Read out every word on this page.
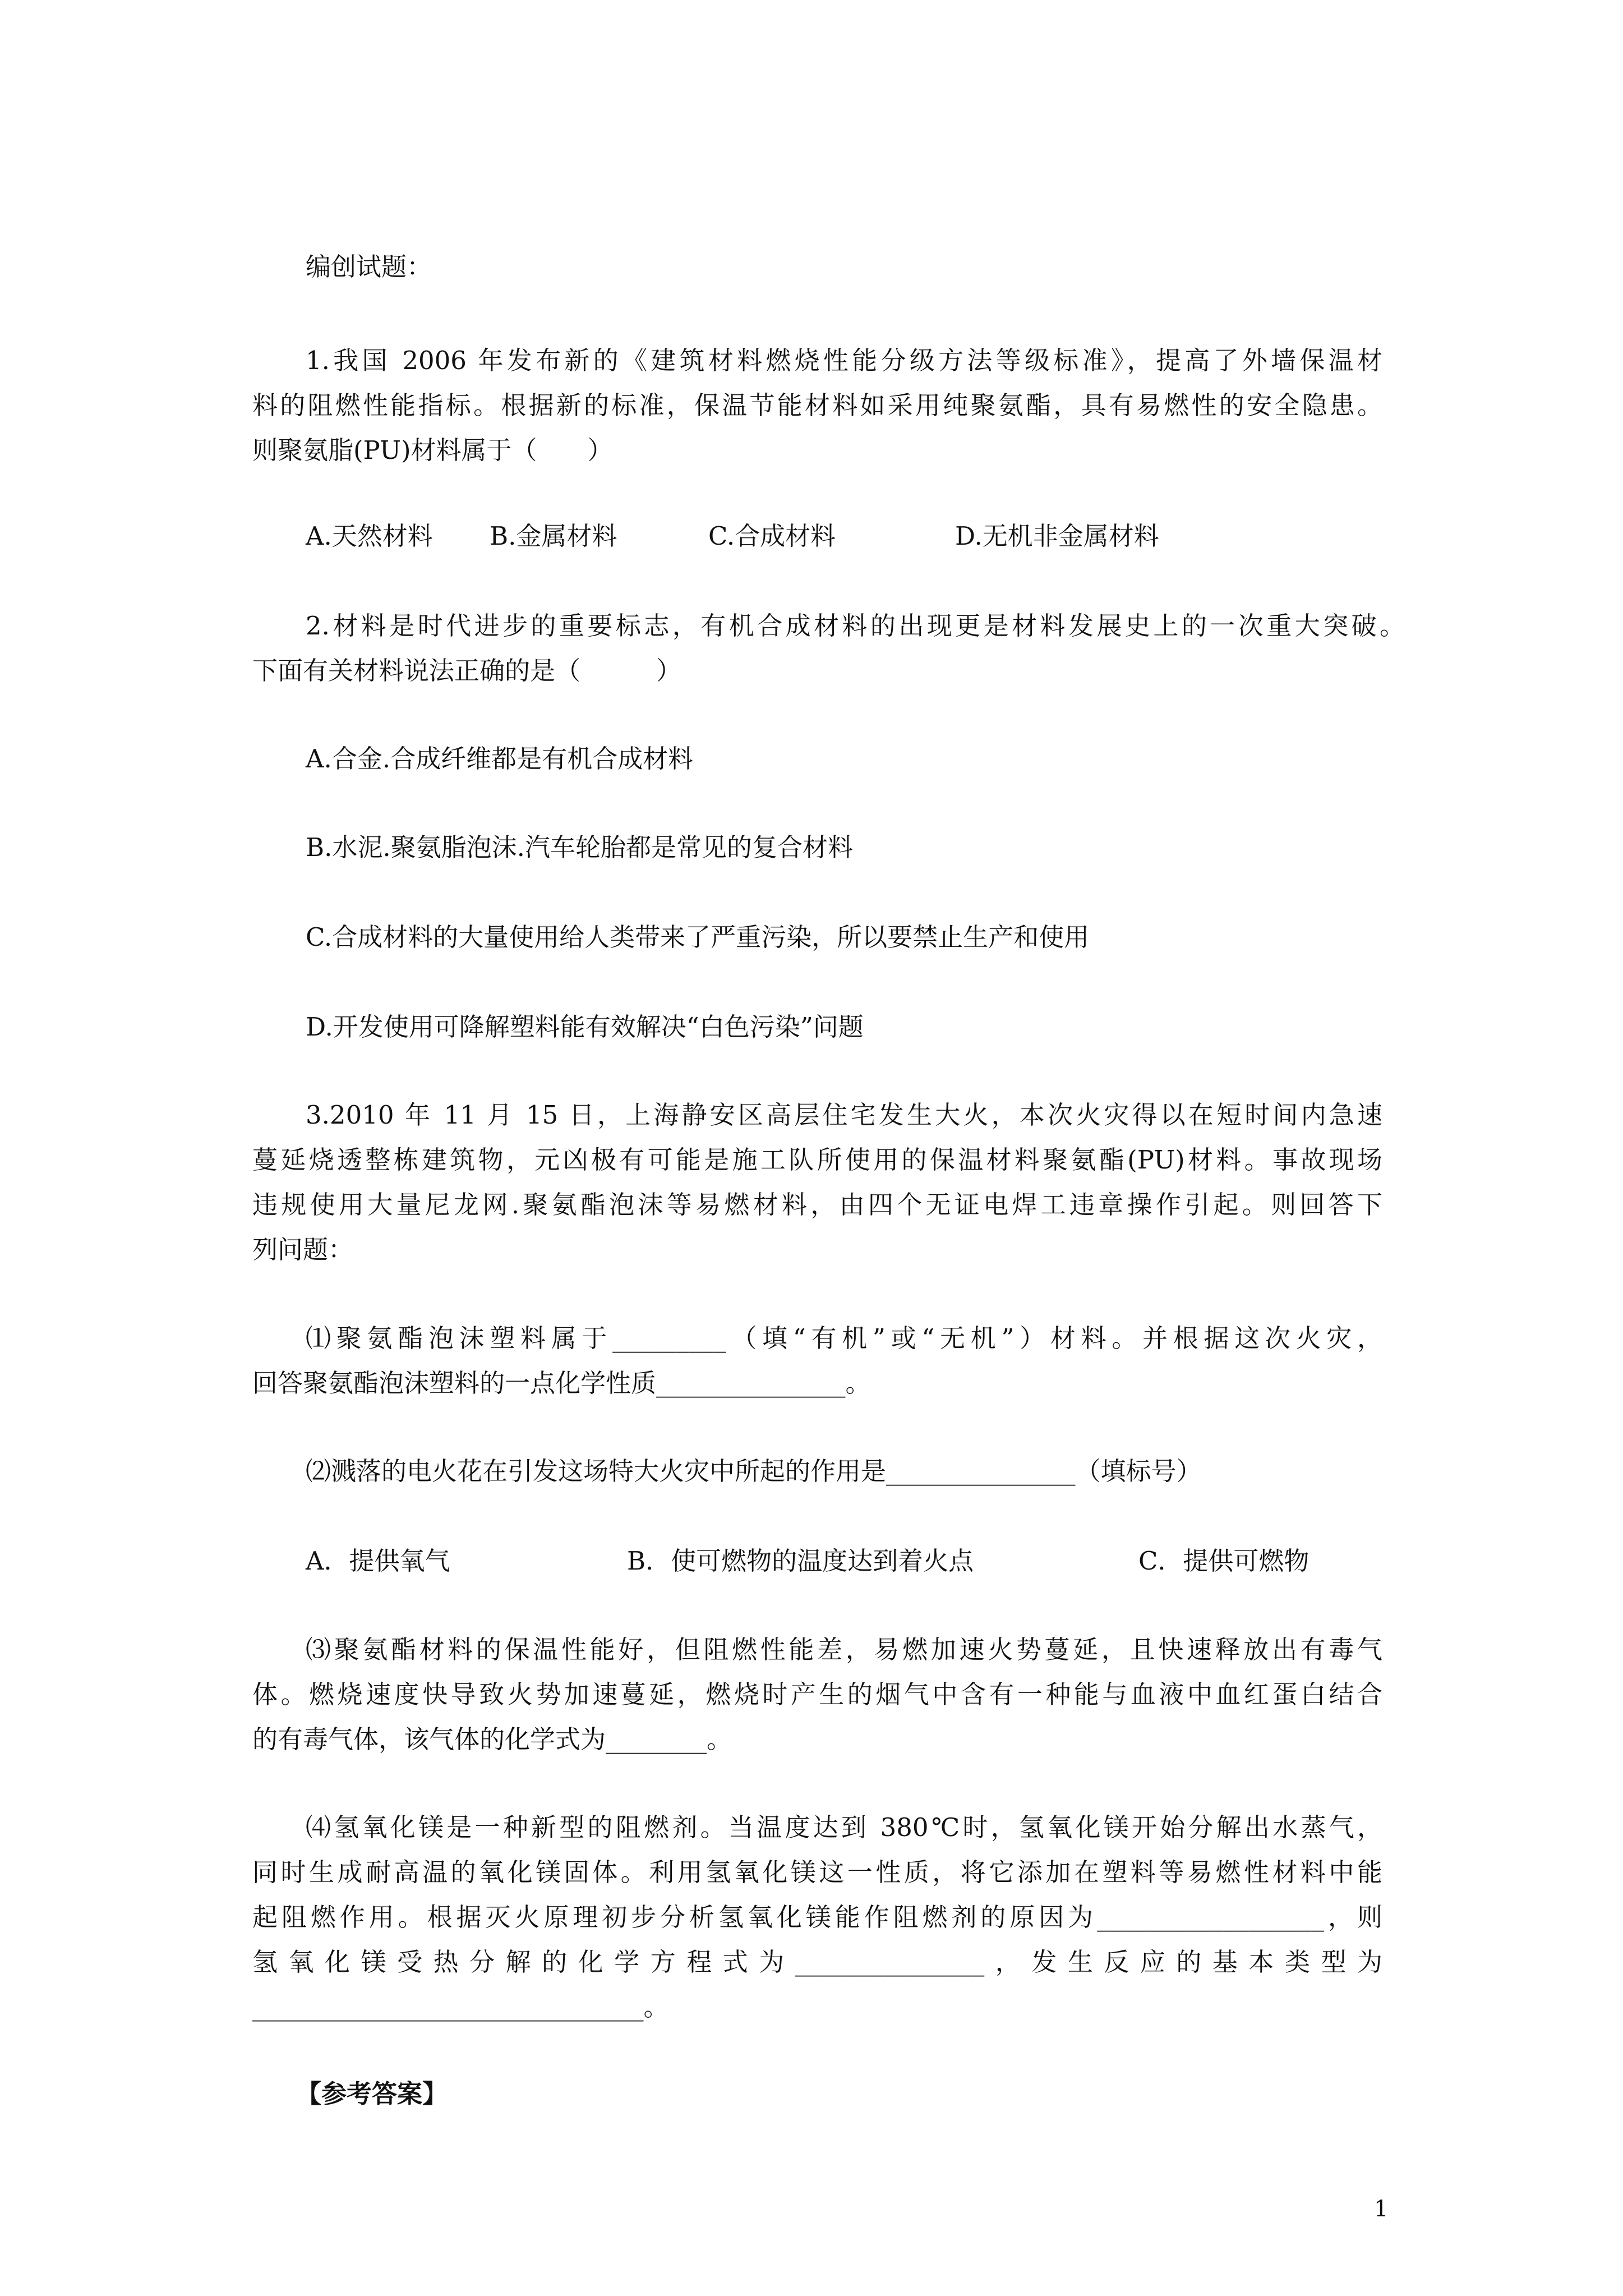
编创试题：
1.我国 2006 年发布新的《建筑材料燃烧性能分级方法等级标准》，提高了外墙保温材
料的阻燃性能指标。根据新的标准，保温节能材料如采用纯聚氨酯，具有易燃性的安全隐患。
则聚氨脂(PU)材料属于（　　）
A.天然材料 B.金属材料	C.合成材料	D.无机非金属材料
2.材料是时代进步的重要标志，有机合成材料的出现更是材料发展史上的一次重大突破。
下面有关材料说法正确的是（　　　）
A.合金.合成纤维都是有机合成材料
B.水泥.聚氨脂泡沫.汽车轮胎都是常见的复合材料
C.合成材料的大量使用给人类带来了严重污染，所以要禁止生产和使用
D.开发使用可降解塑料能有效解决“白色污染”问题
3.2010 年 11 月 15 日，上海静安区高层住宅发生大火，本次火灾得以在短时间内急速
蔓延烧透整栋建筑物，元凶极有可能是施工队所使用的保温材料聚氨酯(PU)材料。事故现场
违规使用大量尼龙网.聚氨酯泡沫等易燃材料，由四个无证电焊工违章操作引起。则回答下
列问题：
⑴聚氨酯泡沫塑料属于_________（填“有机”或“无机”）材料。并根据这次火灾，
回答聚氨酯泡沫塑料的一点化学性质_______________。
⑵溅落的电火花在引发这场特大火灾中所起的作用是_______________（填标号）
A．提供氧气	B．使可燃物的温度达到着火点	C．提供可燃物
⑶聚氨酯材料的保温性能好，但阻燃性能差，易燃加速火势蔓延，且快速释放出有毒气
体。燃烧速度快导致火势加速蔓延，燃烧时产生的烟气中含有一种能与血液中血红蛋白结合
的有毒气体，该气体的化学式为________。
⑷氢氧化镁是一种新型的阻燃剂。当温度达到 380℃时，氢氧化镁开始分解出水蒸气，
同时生成耐高温的氧化镁固体。利用氢氧化镁这一性质，将它添加在塑料等易燃性材料中能
起阻燃作用。根据灭火原理初步分析氢氧化镁能作阻燃剂的原因为__________________，则
氢氧化镁受热分解的化学方程式为_______________，发生反应的基本类型为
_______________________________。
【参考答案】
1
